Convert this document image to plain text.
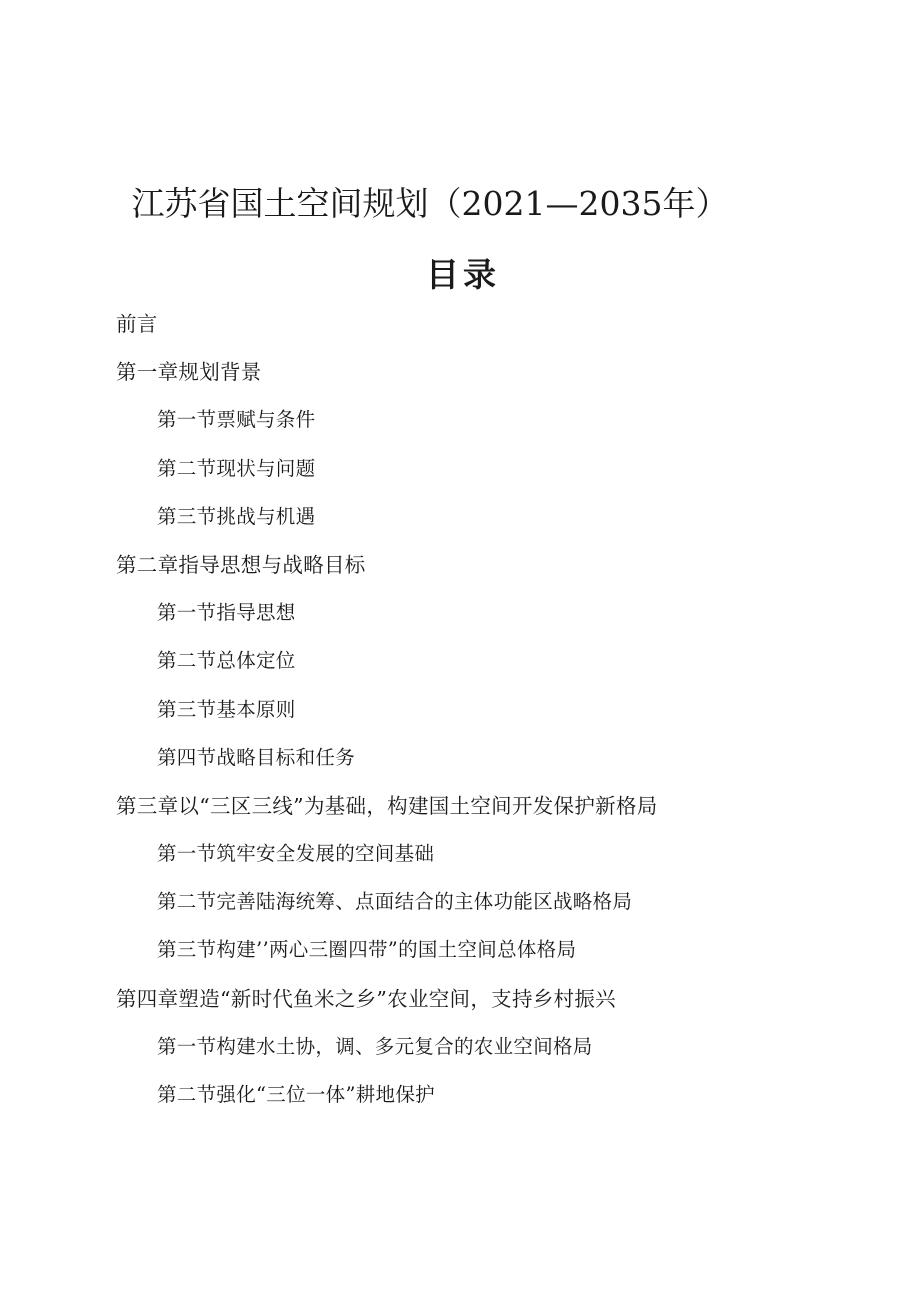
江苏省国土空间规划（2021—2035年）
目录
前言
第一章规划背景
第一节票赋与条件
第二节现状与问题
第三节挑战与机遇
第二章指导思想与战略目标
第一节指导思想
第二节总体定位
第三节基本原则
第四节战略目标和任务
第三章以“三区三线”为基础，构建国土空间开发保护新格局
第一节筑牢安全发展的空间基础
第二节完善陆海统筹、点面结合的主体功能区战略格局
第三节构建’’两心三圈四带”的国土空间总体格局
第四章塑造“新时代鱼米之乡”农业空间，支持乡村振兴
第一节构建水土协，调、多元复合的农业空间格局
第二节强化“三位一体”耕地保护
